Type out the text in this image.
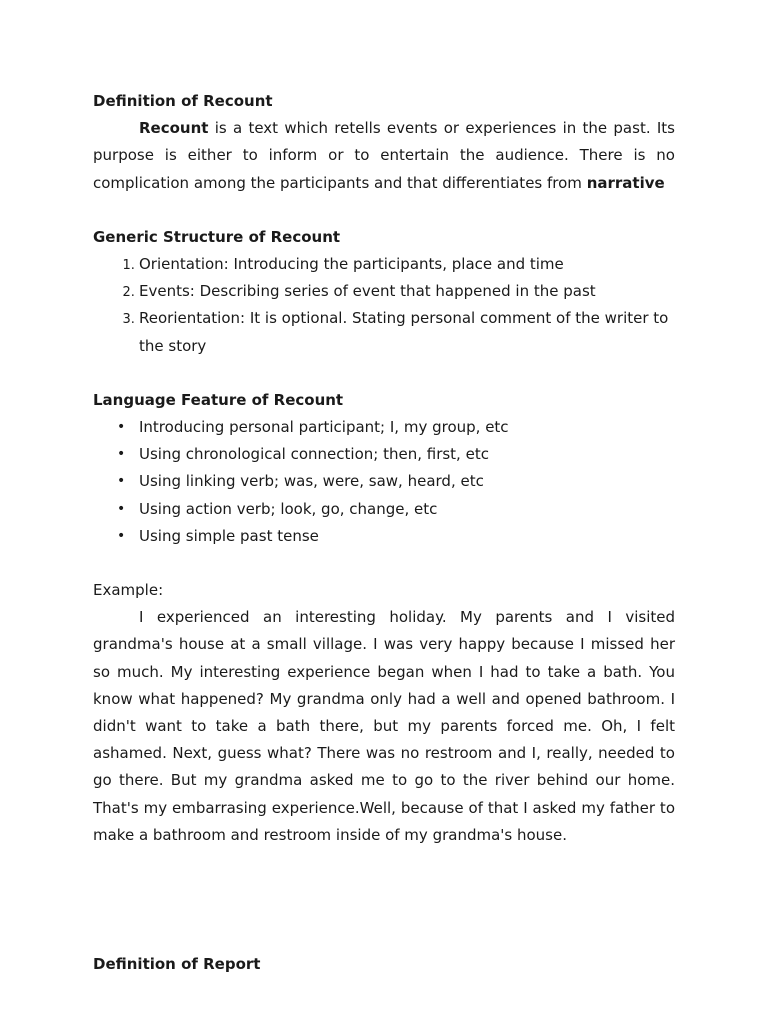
Definition of Recount

Recount is a text which retells events or experiences in the past. Its purpose is either to inform or to entertain the audience. There is no complication among the participants and that differentiates from narrative

Generic Structure of Recount

1. Orientation: Introducing the participants, place and time
2. Events: Describing series of event that happened in the past
3. Reorientation: It is optional. Stating personal comment of the writer to the story

Language Feature of Recount

• Introducing personal participant; I, my group, etc
• Using chronological connection; then, first, etc
• Using linking verb; was, were, saw, heard, etc
• Using action verb; look, go, change, etc
• Using simple past tense

Example:

I experienced an interesting holiday. My parents and I visited grandma's house at a small village. I was very happy because I missed her so much. My interesting experience began when I had to take a bath. You know what happened? My grandma only had a well and opened bathroom. I didn't want to take a bath there, but my parents forced me. Oh, I felt ashamed. Next, guess what? There was no restroom and I, really, needed to go there. But my grandma asked me to go to the river behind our home. That's my embarrasing experience.Well, because of that I asked my father to make a bathroom and restroom inside of my grandma's house.

Definition of Report
